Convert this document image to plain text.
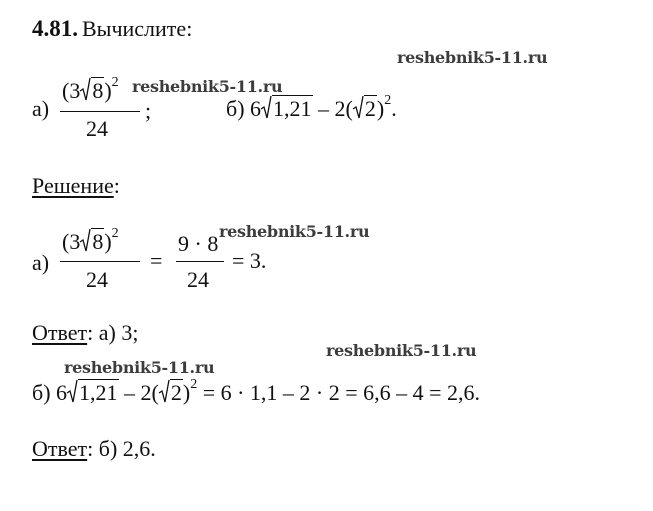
4.81. Вычислите:
reshebnik5-11.ru
reshebnik5-11.ru
reshebnik5-11.ru
reshebnik5-11.ru
reshebnik5-11.ru
а)
(3 8)$^2$
24
;	б) 6 1,21 – 2( 2)$^2$.
Решение:
а)
(3 8)$^2$
24
=
9 · 8
24
= 3.
Ответ: а) 3;
б) 6 1,21 – 2( 2)$^2$ = 6 · 1,1 – 2 · 2 = 6,6 – 4 = 2,6.
Ответ: б) 2,6.
